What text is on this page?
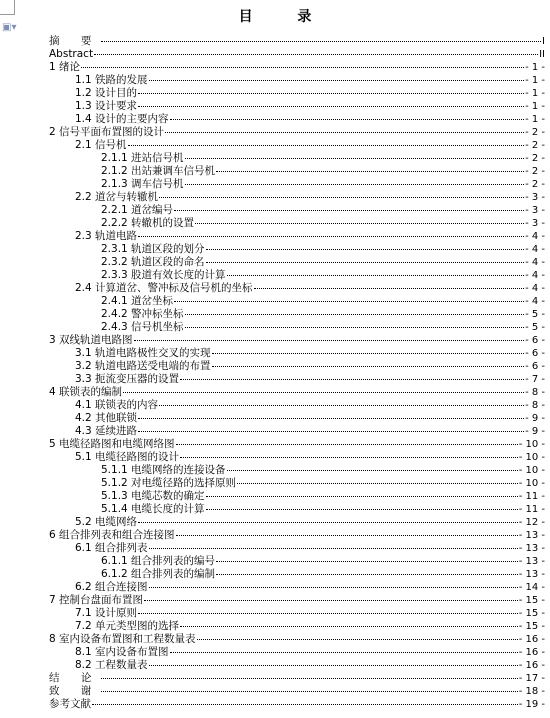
▣▾
目 录
摘 要	I
Abstract	II
1 绪论	- 1 -
1.1 铁路的发展	- 1 -
1.2 设计目的	- 1 -
1.3 设计要求	- 1 -
1.4 设计的主要内容	- 1 -
2 信号平面布置图的设计	- 2 -
2.1 信号机	- 2 -
2.1.1 进站信号机	- 2 -
2.1.2 出站兼调车信号机	- 2 -
2.1.3 调车信号机	- 2 -
2.2 道岔与转辙机	- 3 -
2.2.1 道岔编号	- 3 -
2.2.2 转辙机的设置	- 3 -
2.3 轨道电路	- 4 -
2.3.1 轨道区段的划分	- 4 -
2.3.2 轨道区段的命名	- 4 -
2.3.3 股道有效长度的计算	- 4 -
2.4 计算道岔、警冲标及信号机的坐标	- 4 -
2.4.1 道岔坐标	- 4 -
2.4.2 警冲标坐标	- 5 -
2.4.3 信号机坐标	- 5 -
3 双线轨道电路图	- 6 -
3.1 轨道电路极性交叉的实现	- 6 -
3.2 轨道电路送受电端的布置	- 6 -
3.3 扼流变压器的设置	- 7 -
4 联锁表的编制	- 8 -
4.1 联锁表的内容	- 8 -
4.2 其他联锁	- 9 -
4.3 延续进路	- 9 -
5 电缆径路图和电缆网络图	- 10 -
5.1 电缆径路图的设计	- 10 -
5.1.1 电缆网络的连接设备	- 10 -
5.1.2 对电缆径路的选择原则	- 10 -
5.1.3 电缆芯数的确定	- 11 -
5.1.4 电缆长度的计算	- 11 -
5.2 电缆网络	- 12 -
6 组合排列表和组合连接图	- 13 -
6.1 组合排列表	- 13 -
6.1.1 组合排列表的编号	- 13 -
6.1.2 组合排列表的编制	- 13 -
6.2 组合连接图	- 14 -
7 控制台盘面布置图	- 15 -
7.1 设计原则	- 15 -
7.2 单元类型图的选择	- 15 -
8 室内设备布置图和工程数量表	- 16 -
8.1 室内设备布置图	- 16 -
8.2 工程数量表	- 16 -
结 论	- 17 -
致 谢	- 18 -
参考文献	- 19 -
